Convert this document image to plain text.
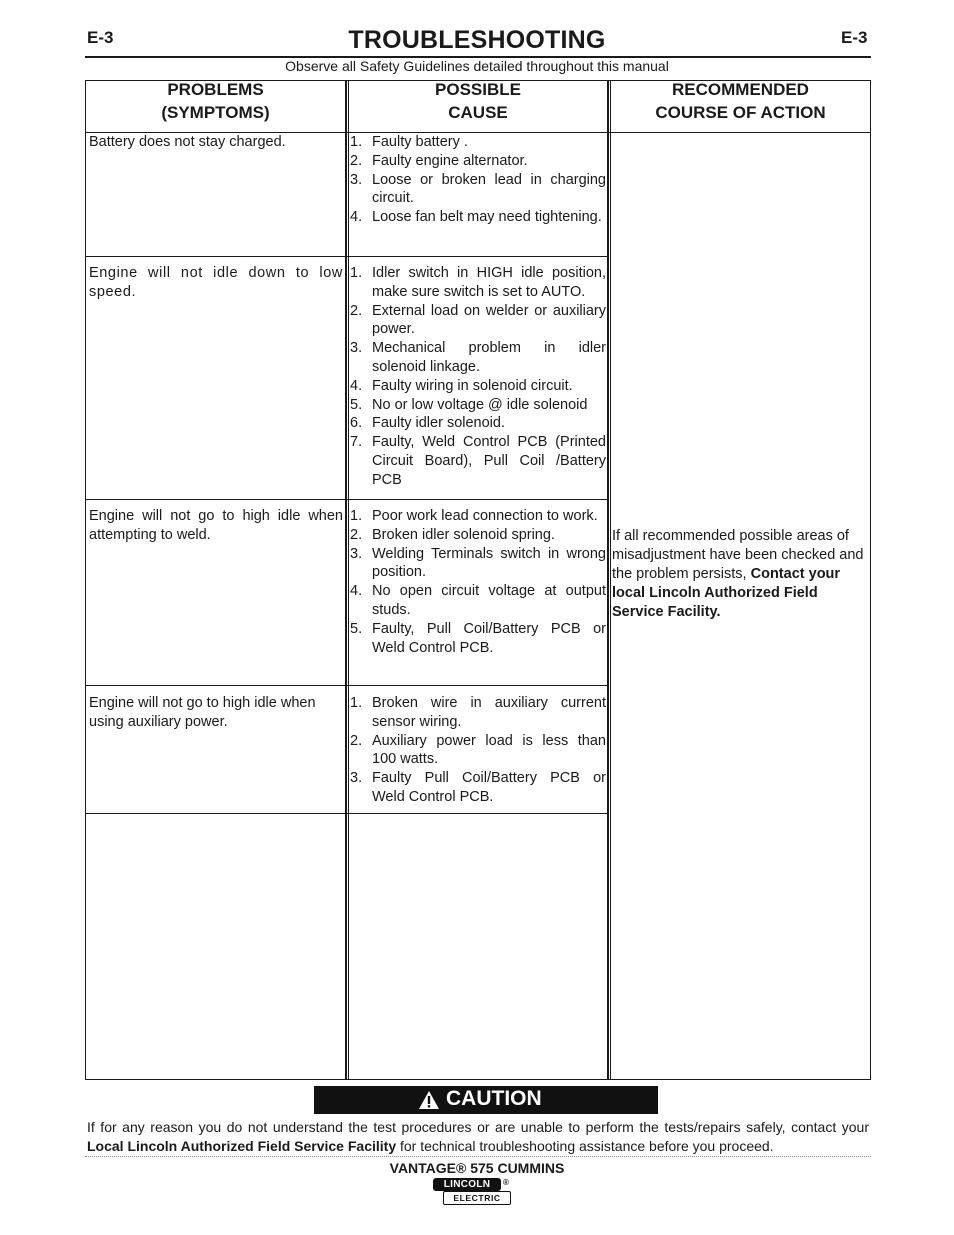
E-3	E-3
TROUBLESHOOTING
Observe all Safety Guidelines detailed throughout this manual
PROBLEMS
(SYMPTOMS)
POSSIBLE
CAUSE
RECOMMENDED
COURSE OF ACTION
Battery does not stay charged.	1. Faulty battery .
2. Faulty engine alternator.
3. Loose or broken lead in charging circuit.
4. Loose fan belt may need tightening.
Engine will not idle down to low speed.
1. Idler switch in HIGH idle position, make sure switch is set to AUTO.
2. External load on welder or auxiliary power.
3. Mechanical problem in idler solenoid linkage.
4. Faulty wiring in solenoid circuit.
5. No or low voltage @ idle solenoid
6. Faulty idler solenoid.
7. Faulty, Weld Control PCB (Printed Circuit Board), Pull Coil /Battery PCB
Engine will not go to high idle when attempting to weld.
1. Poor work lead connection to work.
2. Broken idler solenoid spring.
3. Welding Terminals switch in wrong position.
4. No open circuit voltage at output studs.
5. Faulty, Pull Coil/Battery PCB or Weld Control PCB.
Engine will not go to high idle when using auxiliary power.
1. Broken wire in auxiliary current sensor wiring.
2. Auxiliary power load is less than 100 watts.
3. Faulty Pull Coil/Battery PCB or Weld Control PCB.
If all recommended possible areas of misadjustment have been checked and the problem persists, Contact your local Lincoln Authorized Field Service Facility.
CAUTION
If for any reason you do not understand the test procedures or are unable to perform the tests/repairs safely, contact your Local Lincoln Authorized Field Service Facility for technical troubleshooting assistance before you proceed.
VANTAGE® 575 CUMMINS
LINCOLN
ELECTRIC
®
